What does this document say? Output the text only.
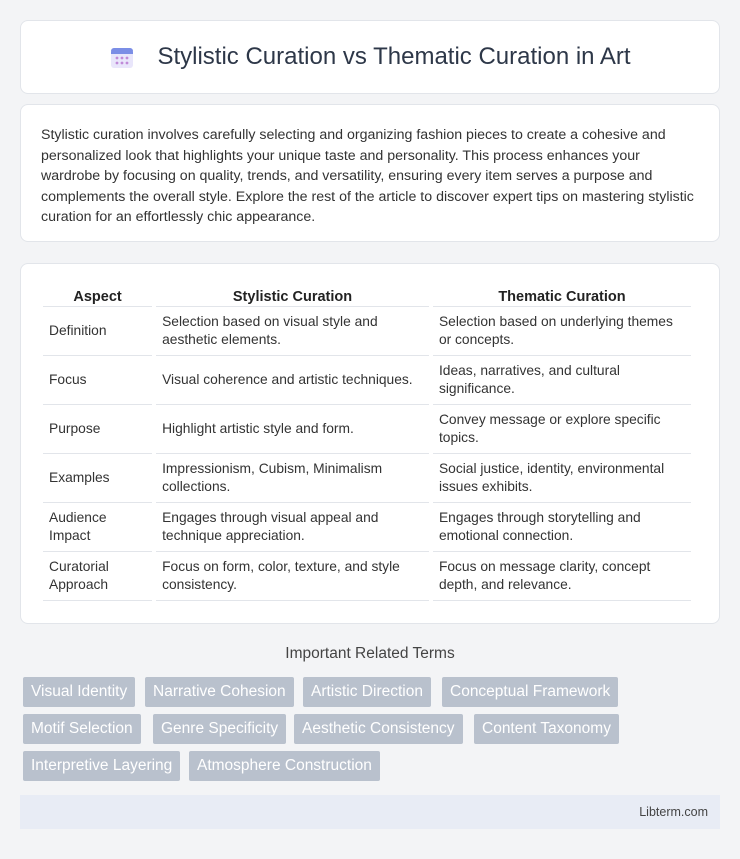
Stylistic Curation vs Thematic Curation in Art

Stylistic curation involves carefully selecting and organizing fashion pieces to create a cohesive and personalized look that highlights your unique taste and personality. This process enhances your wardrobe by focusing on quality, trends, and versatility, ensuring every item serves a purpose and complements the overall style. Explore the rest of the article to discover expert tips on mastering stylistic curation for an effortlessly chic appearance.

Aspect	Stylistic Curation	Thematic Curation
Definition	Selection based on visual style and aesthetic elements.	Selection based on underlying themes or concepts.
Focus	Visual coherence and artistic techniques.	Ideas, narratives, and cultural significance.
Purpose	Highlight artistic style and form.	Convey message or explore specific topics.
Examples	Impressionism, Cubism, Minimalism collections.	Social justice, identity, environmental issues exhibits.
Audience Impact	Engages through visual appeal and technique appreciation.	Engages through storytelling and emotional connection.
Curatorial Approach	Focus on form, color, texture, and style consistency.	Focus on message clarity, concept depth, and relevance.
Important Related Terms
Visual Identity	Narrative Cohesion	Artistic Direction	Conceptual Framework
Motif Selection	Genre Specificity	Aesthetic Consistency	Content Taxonomy
Interpretive Layering	Atmosphere Construction
Libterm.com
